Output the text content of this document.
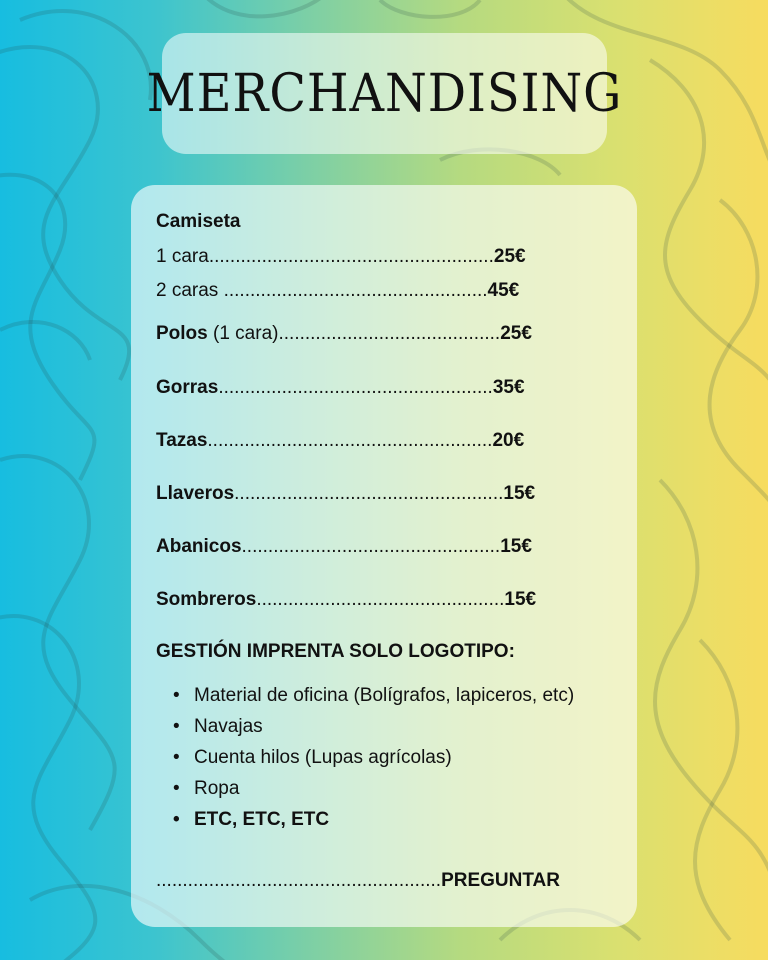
MERCHANDISING
Camiseta
1 cara......................................................25€
2 caras ..................................................45€
Polos (1 cara)..........................................25€
Gorras....................................................35€
Tazas......................................................20€
Llaveros...................................................15€
Abanicos.................................................15€
Sombreros...............................................15€
GESTIÓN IMPRENTA SOLO LOGOTIPO:
• Material de oficina (Bolígrafos, lapiceros, etc)
• Navajas
• Cuenta hilos (Lupas agrícolas)
• Ropa
• ETC, ETC, ETC
......................................................PREGUNTAR
